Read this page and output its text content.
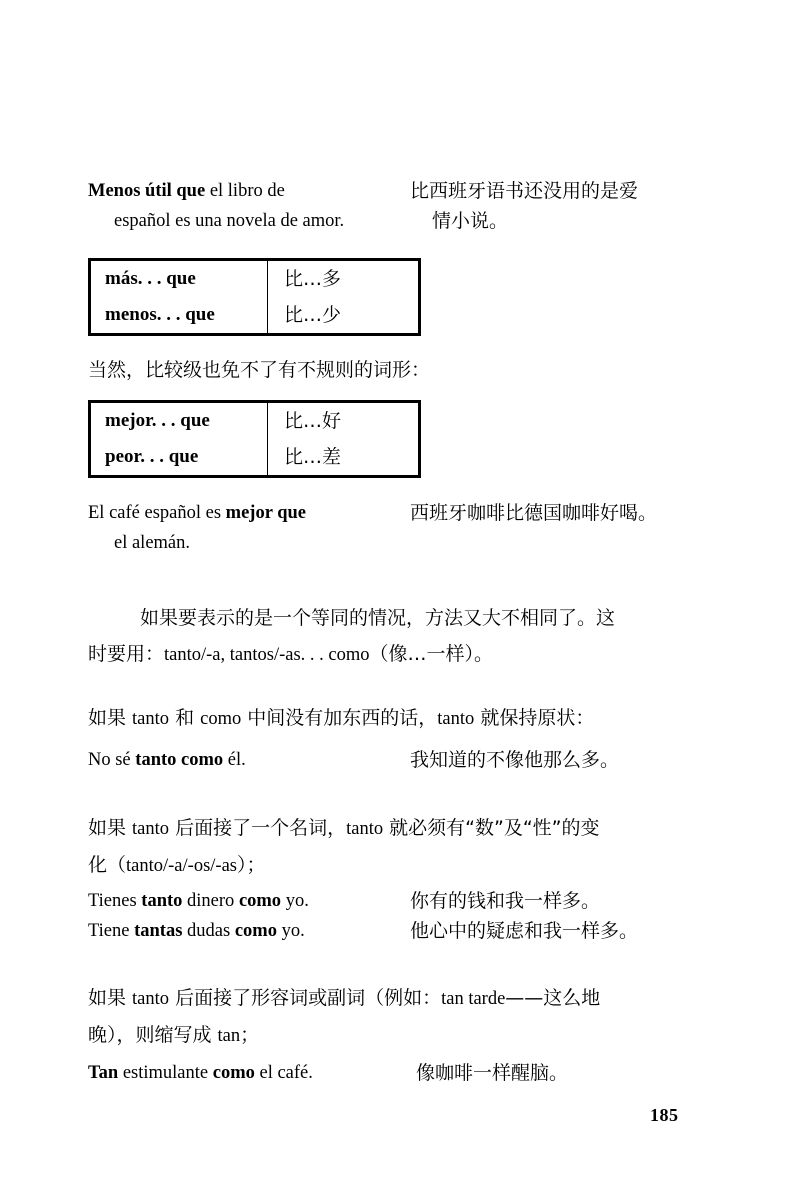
Menos útil que el libro de
español es una novela de amor.
比西班牙语书还没用的是爱
情小说。
más. . . que	比…多
menos. . . que	比…少
当然，比较级也免不了有不规则的词形：
mejor. . . que	比…好
peor. . . que	比…差
El café español es mejor que
el alemán.
西班牙咖啡比德国咖啡好喝。
如果要表示的是一个等同的情况，方法又大不相同了。这
时要用：tanto/-a, tantos/-as. . . como（像…一样）。
如果 tanto 和 como 中间没有加东西的话，tanto 就保持原状：
No sé tanto como él.	我知道的不像他那么多。
如果 tanto 后面接了一个名词，tanto 就必须有“数”及“性”的变
化（tanto/-a/-os/-as）；
Tienes tanto dinero como yo.	你有的钱和我一样多。
Tiene tantas dudas como yo.	他心中的疑虑和我一样多。
如果 tanto 后面接了形容词或副词（例如：tan tarde——这么地
晚），则缩写成 tan；
Tan estimulante como el café.	像咖啡一样醒脑。
185
